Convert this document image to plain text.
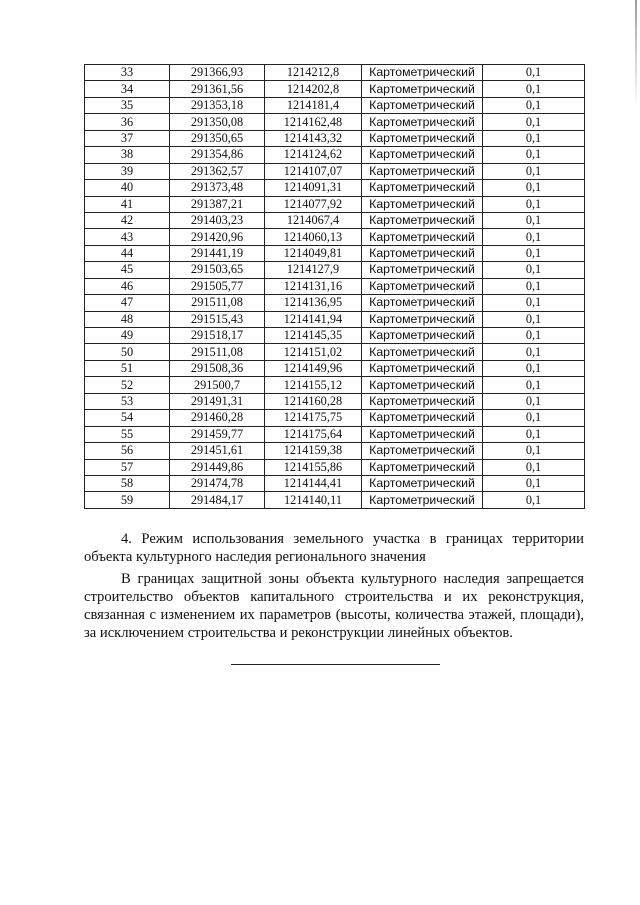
33	291366,93	1214212,8	Картометрический	0,1
34	291361,56	1214202,8	Картометрический	0,1
35	291353,18	1214181,4	Картометрический	0,1
36	291350,08	1214162,48	Картометрический	0,1
37	291350,65	1214143,32	Картометрический	0,1
38	291354,86	1214124,62	Картометрический	0,1
39	291362,57	1214107,07	Картометрический	0,1
40	291373,48	1214091,31	Картометрический	0,1
41	291387,21	1214077,92	Картометрический	0,1
42	291403,23	1214067,4	Картометрический	0,1
43	291420,96	1214060,13	Картометрический	0,1
44	291441,19	1214049,81	Картометрический	0,1
45	291503,65	1214127,9	Картометрический	0,1
46	291505,77	1214131,16	Картометрический	0,1
47	291511,08	1214136,95	Картометрический	0,1
48	291515,43	1214141,94	Картометрический	0,1
49	291518,17	1214145,35	Картометрический	0,1
50	291511,08	1214151,02	Картометрический	0,1
51	291508,36	1214149,96	Картометрический	0,1
52	291500,7	1214155,12	Картометрический	0,1
53	291491,31	1214160,28	Картометрический	0,1
54	291460,28	1214175,75	Картометрический	0,1
55	291459,77	1214175,64	Картометрический	0,1
56	291451,61	1214159,38	Картометрический	0,1
57	291449,86	1214155,86	Картометрический	0,1
58	291474,78	1214144,41	Картометрический	0,1
59	291484,17	1214140,11	Картометрический	0,1

4. Режим использования земельного участка в границах территории объекта культурного наследия регионального значения

В границах защитной зоны объекта культурного наследия запрещается строительство объектов капитального строительства и их реконструкция, связанная с изменением их параметров (высоты, количества этажей, площади), за исключением строительства и реконструкции линейных объектов.
